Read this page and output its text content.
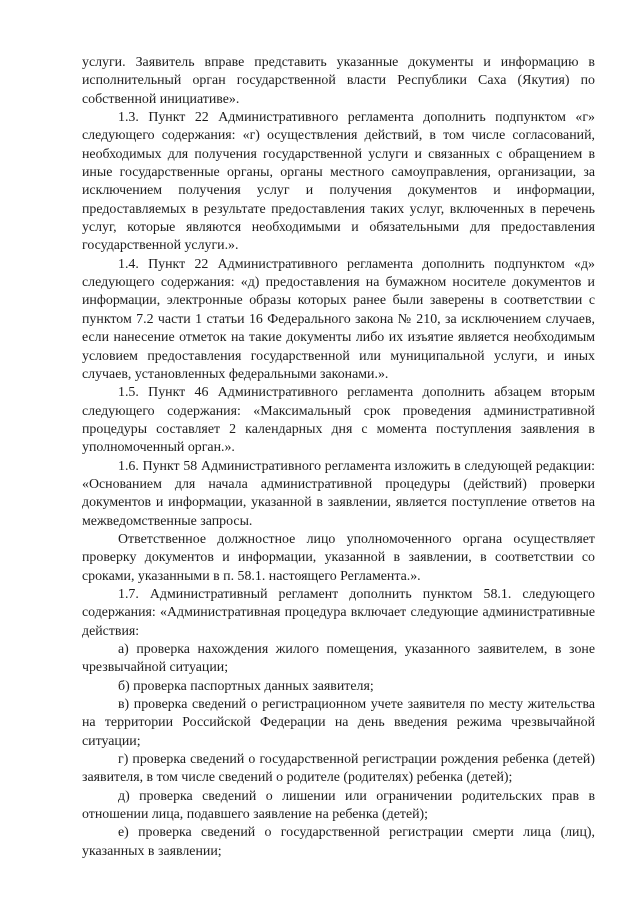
услуги. Заявитель вправе представить указанные документы и информацию в исполнительный орган государственной власти Республики Саха (Якутия) по собственной инициативе».

1.3. Пункт 22 Административного регламента дополнить подпунктом «г» следующего содержания: «г) осуществления действий, в том числе согласований, необходимых для получения государственной услуги и связанных с обращением в иные государственные органы, органы местного самоуправления, организации, за исключением получения услуг и получения документов и информации, предоставляемых в результате предоставления таких услуг, включенных в перечень услуг, которые являются необходимыми и обязательными для предоставления государственной услуги.».

1.4. Пункт 22 Административного регламента дополнить подпунктом «д» следующего содержания: «д) предоставления на бумажном носителе документов и информации, электронные образы которых ранее были заверены в соответствии с пунктом 7.2 части 1 статьи 16 Федерального закона № 210, за исключением случаев, если нанесение отметок на такие документы либо их изъятие является необходимым условием предоставления государственной или муниципальной услуги, и иных случаев, установленных федеральными законами.».

1.5. Пункт 46 Административного регламента дополнить абзацем вторым следующего содержания: «Максимальный срок проведения административной процедуры составляет 2 календарных дня с момента поступления заявления в уполномоченный орган.».

1.6. Пункт 58 Административного регламента изложить в следующей редакции: «Основанием для начала административной процедуры (действий) проверки документов и информации, указанной в заявлении, является поступление ответов на межведомственные запросы.

Ответственное должностное лицо уполномоченного органа осуществляет проверку документов и информации, указанной в заявлении, в соответствии со сроками, указанными в п. 58.1. настоящего Регламента.».

1.7. Административный регламент дополнить пунктом 58.1. следующего содержания: «Административная процедура включает следующие административные действия:

а) проверка нахождения жилого помещения, указанного заявителем, в зоне чрезвычайной ситуации;

б) проверка паспортных данных заявителя;

в) проверка сведений о регистрационном учете заявителя по месту жительства на территории Российской Федерации на день введения режима чрезвычайной ситуации;

г) проверка сведений о государственной регистрации рождения ребенка (детей) заявителя, в том числе сведений о родителе (родителях) ребенка (детей);

д) проверка сведений о лишении или ограничении родительских прав в отношении лица, подавшего заявление на ребенка (детей);

е) проверка сведений о государственной регистрации смерти лица (лиц), указанных в заявлении;
